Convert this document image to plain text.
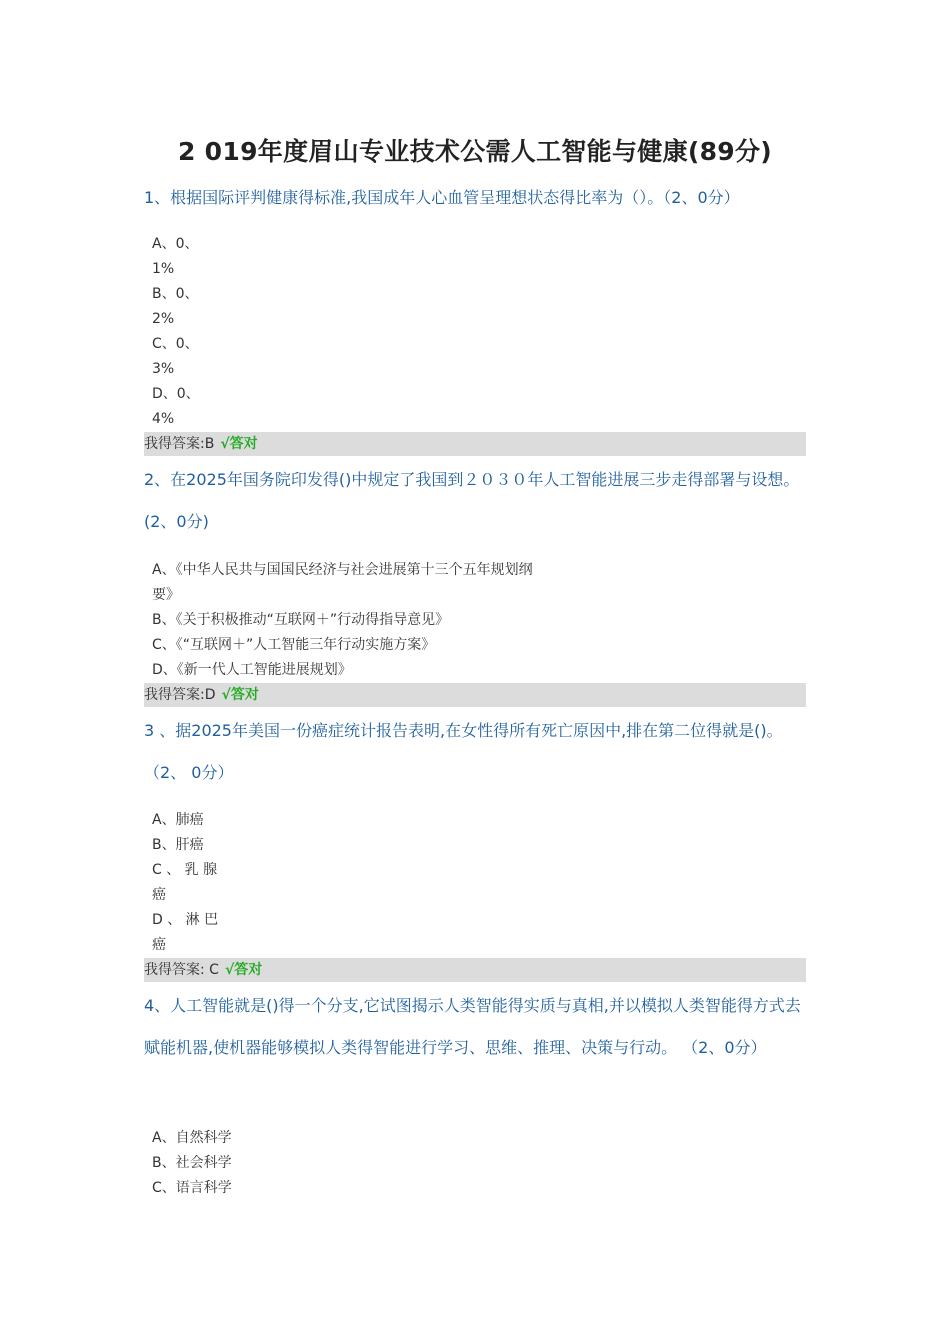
2 019年度眉山专业技术公需人工智能与健康(89分)
1、根据国际评判健康得标准,我国成年人心血管呈理想状态得比率为（）。（2、0分）
A、0、
1%
B、0、
2%
C、0、
3%
D、0、
4%
我得答案:B √答对
2、在2025年国务院印发得()中规定了我国到２０３０年人工智能进展三步走得部署与设想。(2、0分)
A、《中华人民共与国国民经济与社会进展第十三个五年规划纲
要》
B、《关于积极推动“互联网＋”行动得指导意见》
C、《“互联网＋”人工智能三年行动实施方案》
D、《新一代人工智能进展规划》
我得答案:D √答对
3 、据2025年美国一份癌症统计报告表明,在女性得所有死亡原因中,排在第二位得就是()。（2、 0分）
A、肺癌
B、肝癌
C 、 乳 腺
癌
D 、 淋 巴
癌
我得答案: C √答对
4、人工智能就是()得一个分支,它试图揭示人类智能得实质与真相,并以模拟人类智能得方式去赋能机器,使机器能够模拟人类得智能进行学习、思维、推理、决策与行动。 （2、0分）
A、自然科学
B、社会科学
C、语言科学
